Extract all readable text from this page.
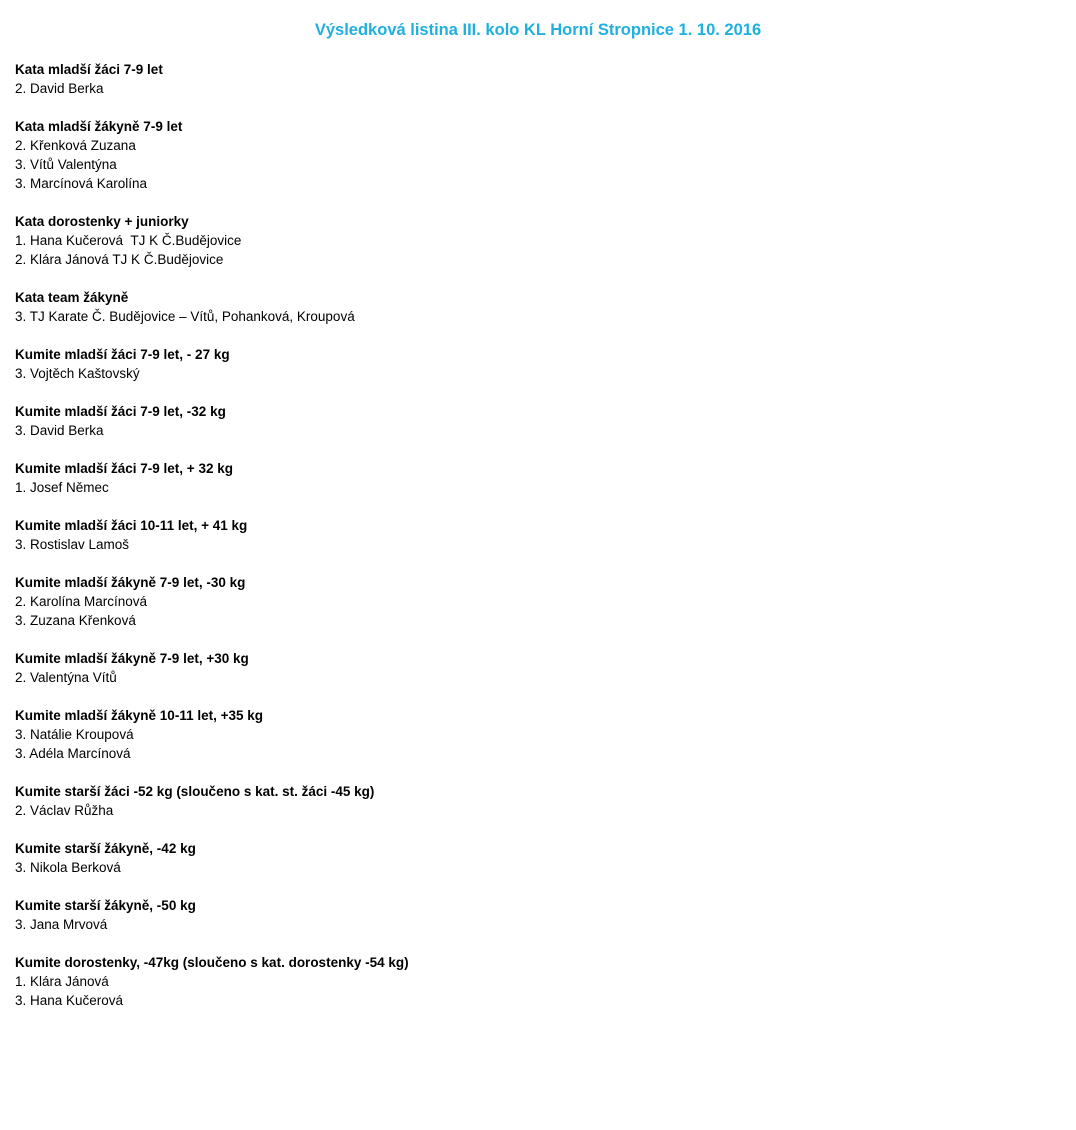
Výsledková listina III. kolo KL Horní Stropnice 1. 10. 2016
Kata mladší žáci 7-9 let
2. David Berka
Kata mladší žákyně 7-9 let
2. Křenková Zuzana
3. Vítů Valentýna
3. Marcínová Karolína
Kata dorostenky + juniorky
1. Hana Kučerová  TJ K Č.Budějovice
2. Klára Jánová TJ K Č.Budějovice
Kata team žákyně
3. TJ Karate Č. Budějovice – Vítů, Pohanková, Kroupová
Kumite mladší žáci 7-9 let, - 27 kg
3. Vojtěch Kaštovský
Kumite mladší žáci 7-9 let, -32 kg
3. David Berka
Kumite mladší žáci 7-9 let, + 32 kg
1. Josef Němec
Kumite mladší žáci 10-11 let, + 41 kg
3. Rostislav Lamoš
Kumite mladší žákyně 7-9 let, -30 kg
2. Karolína Marcínová
3. Zuzana Křenková
Kumite mladší žákyně 7-9 let, +30 kg
2. Valentýna Vítů
Kumite mladší žákyně 10-11 let, +35 kg
3. Natálie Kroupová
3. Adéla Marcínová
Kumite starší žáci -52 kg (sloučeno s kat. st. žáci -45 kg)
2. Václav Růžha
Kumite starší žákyně, -42 kg
3. Nikola Berková
Kumite starší žákyně, -50 kg
3. Jana Mrvová
Kumite dorostenky, -47kg (sloučeno s kat. dorostenky -54 kg)
1. Klára Jánová
3. Hana Kučerová
